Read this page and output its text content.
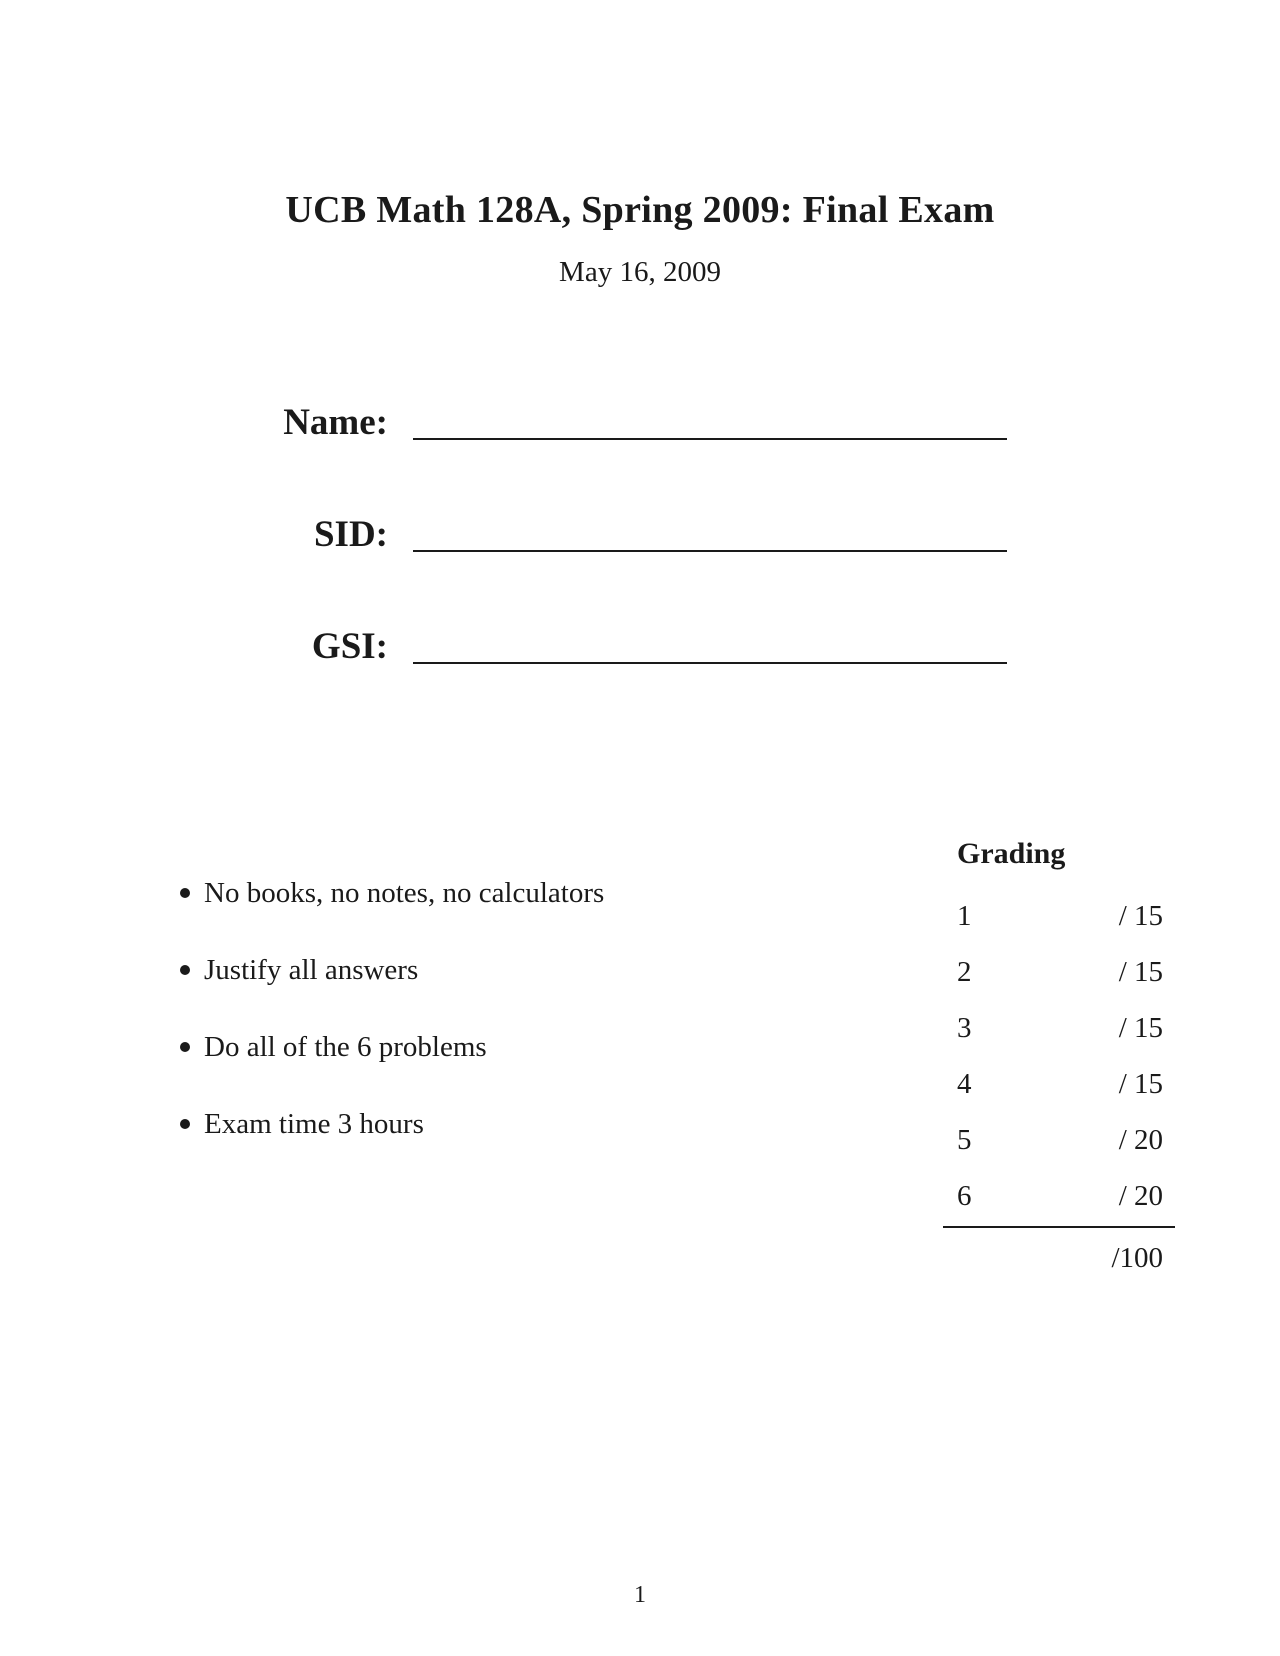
UCB Math 128A, Spring 2009: Final Exam
May 16, 2009
Name:
SID:
GSI:
No books, no notes, no calculators
Justify all answers
Do all of the 6 problems
Exam time 3 hours
Grading
1	/ 15
2	/ 15
3	/ 15
4	/ 15
5	/ 20
6	/ 20
/100
1
